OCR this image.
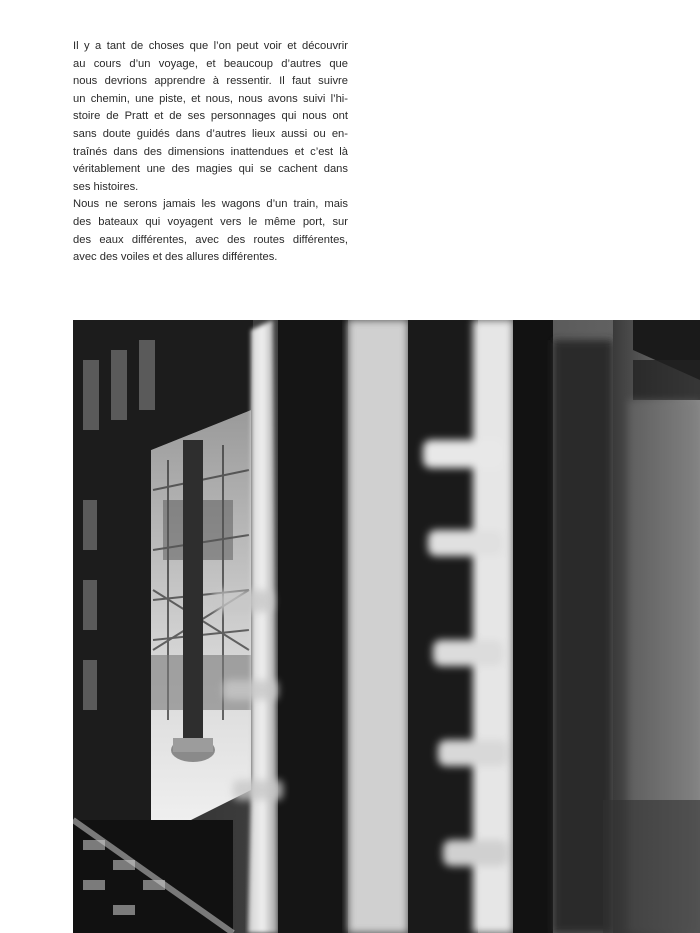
Il y a tant de choses que l’on peut voir et découvrir
au cours d’un voyage, et beaucoup d’autres que
nous devrions apprendre à ressentir. Il faut suivre
un chemin, une piste, et nous, nous avons suivi l’hi-
stoire de Pratt et de ses personnages qui nous ont
sans doute guidés dans d’autres lieux aussi ou en-
traînés dans des dimensions inattendues et c’est là
véritablement une des magies qui se cachent dans
ses histoires.

Nous ne serons jamais les wagons d’un train, mais
des bateaux qui voyagent vers le même port, sur
des eaux différentes, avec des routes différentes,
avec des voiles et des allures différentes.
